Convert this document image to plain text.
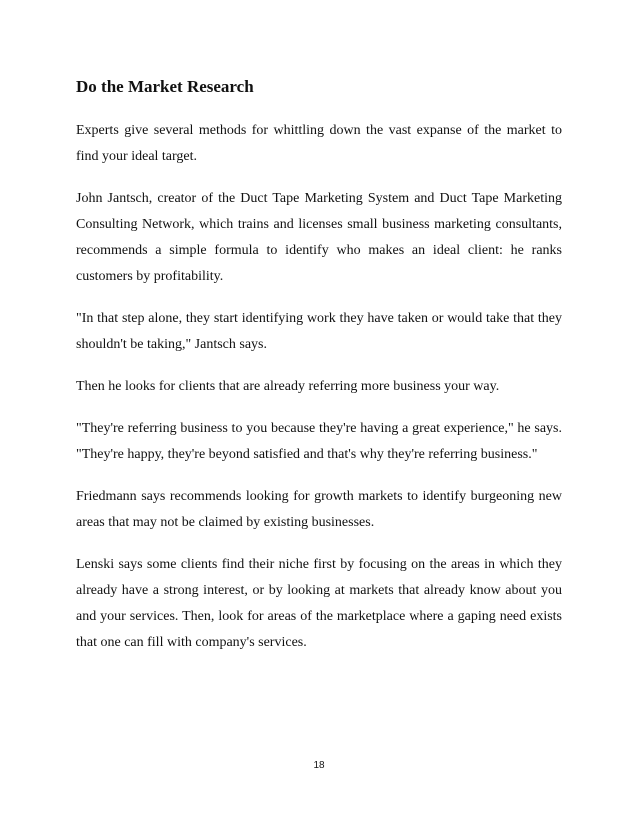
Do the Market Research

Experts give several methods for whittling down the vast expanse of the market to find your ideal target.

John Jantsch, creator of the Duct Tape Marketing System and Duct Tape Marketing Consulting Network, which trains and licenses small business marketing consultants, recommends a simple formula to identify who makes an ideal client: he ranks customers by profitability.

"In that step alone, they start identifying work they have taken or would take that they shouldn't be taking," Jantsch says.

Then he looks for clients that are already referring more business your way.

"They're referring business to you because they're having a great experience," he says. "They're happy, they're beyond satisfied and that's why they're referring business."

Friedmann says recommends looking for growth markets to identify burgeoning new areas that may not be claimed by existing businesses.

Lenski says some clients find their niche first by focusing on the areas in which they already have a strong interest, or by looking at markets that already know about you and your services. Then, look for areas of the marketplace where a gaping need exists that one can fill with company's services.

18
